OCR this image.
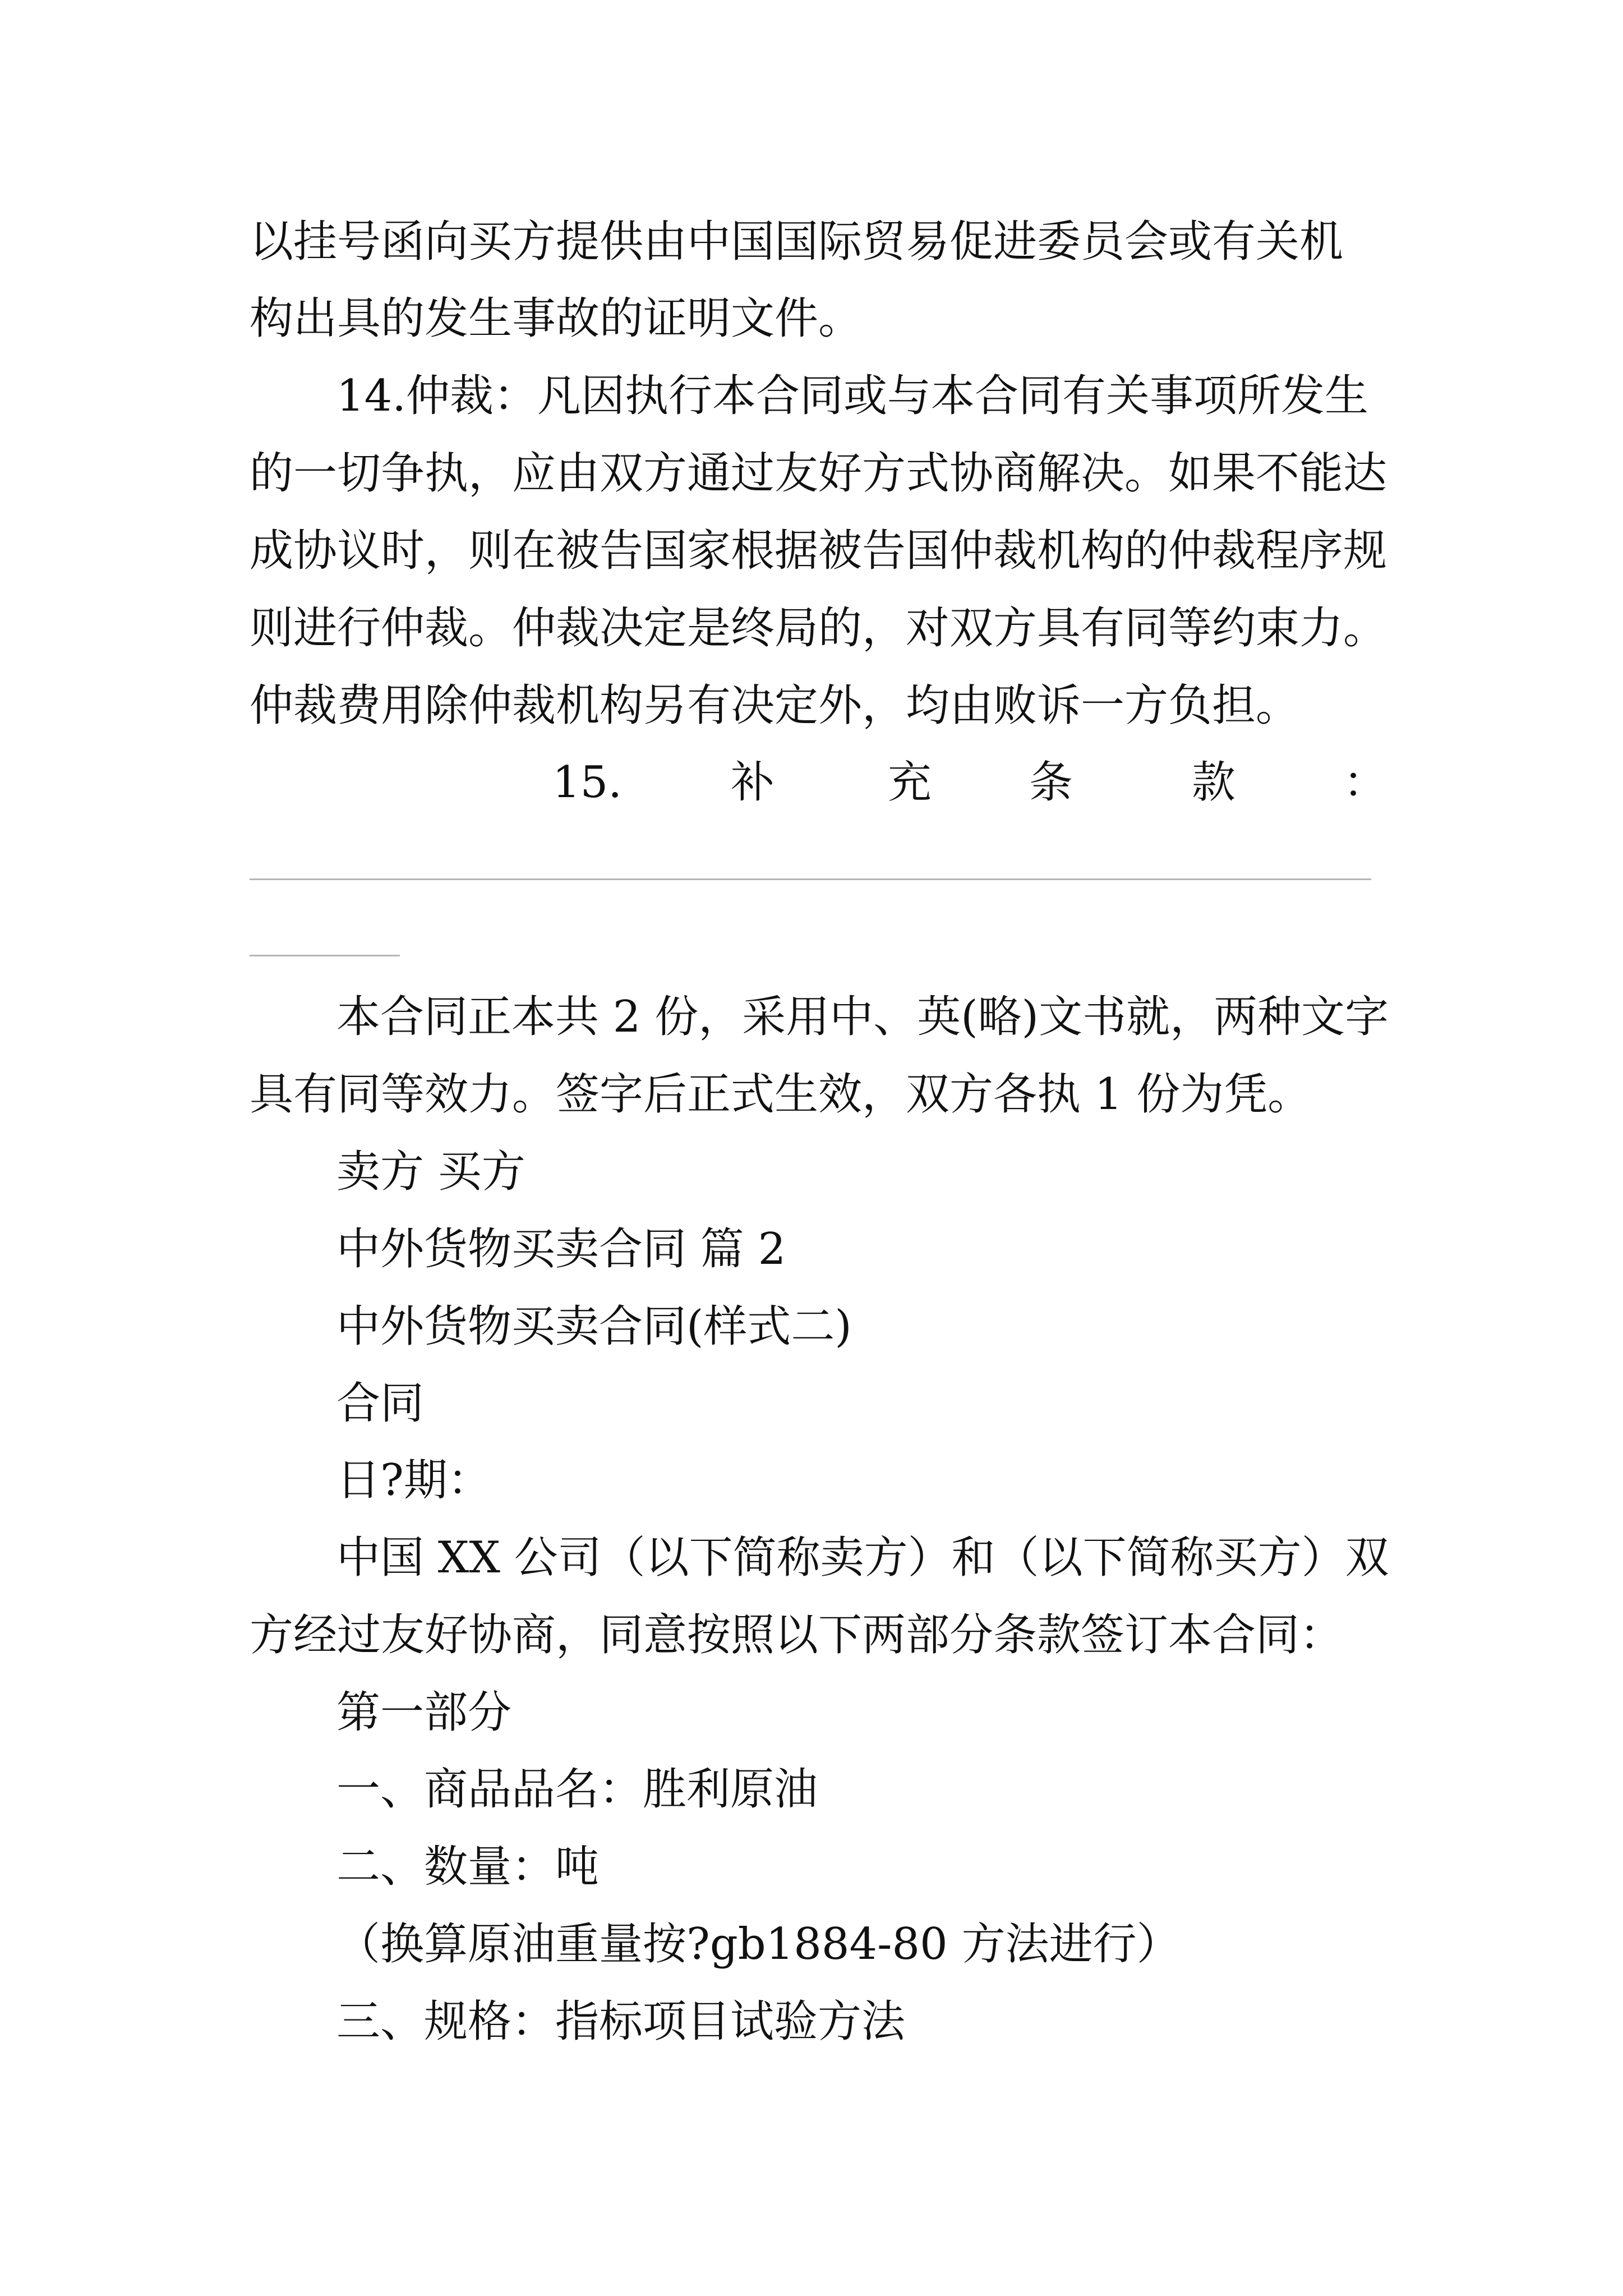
以挂号函向买方提供由中国国际贸易促进委员会或有关机
构出具的发生事故的证明文件。
14.仲裁：凡因执行本合同或与本合同有关事项所发生
的一切争执，应由双方通过友好方式协商解决。如果不能达
成协议时，则在被告国家根据被告国仲裁机构的仲裁程序规
则进行仲裁。仲裁决定是终局的，对双方具有同等约束力。
仲裁费用除仲裁机构另有决定外，均由败诉一方负担。
15. 补	充 条	款 ：
本合同正本共 2 份，采用中、英(略)文书就，两种文字
具有同等效力。签字后正式生效，双方各执 1 份为凭。
卖方 买方
中外货物买卖合同 篇 2
中外货物买卖合同(样式二)
合同
日?期：
中国 XX 公司（以下简称卖方）和（以下简称买方）双
方经过友好协商，同意按照以下两部分条款签订本合同：
第一部分
一、商品品名：胜利原油
二、数量：吨
（换算原油重量按?gb1884-80 方法进行）
三、规格：指标项目试验方法
